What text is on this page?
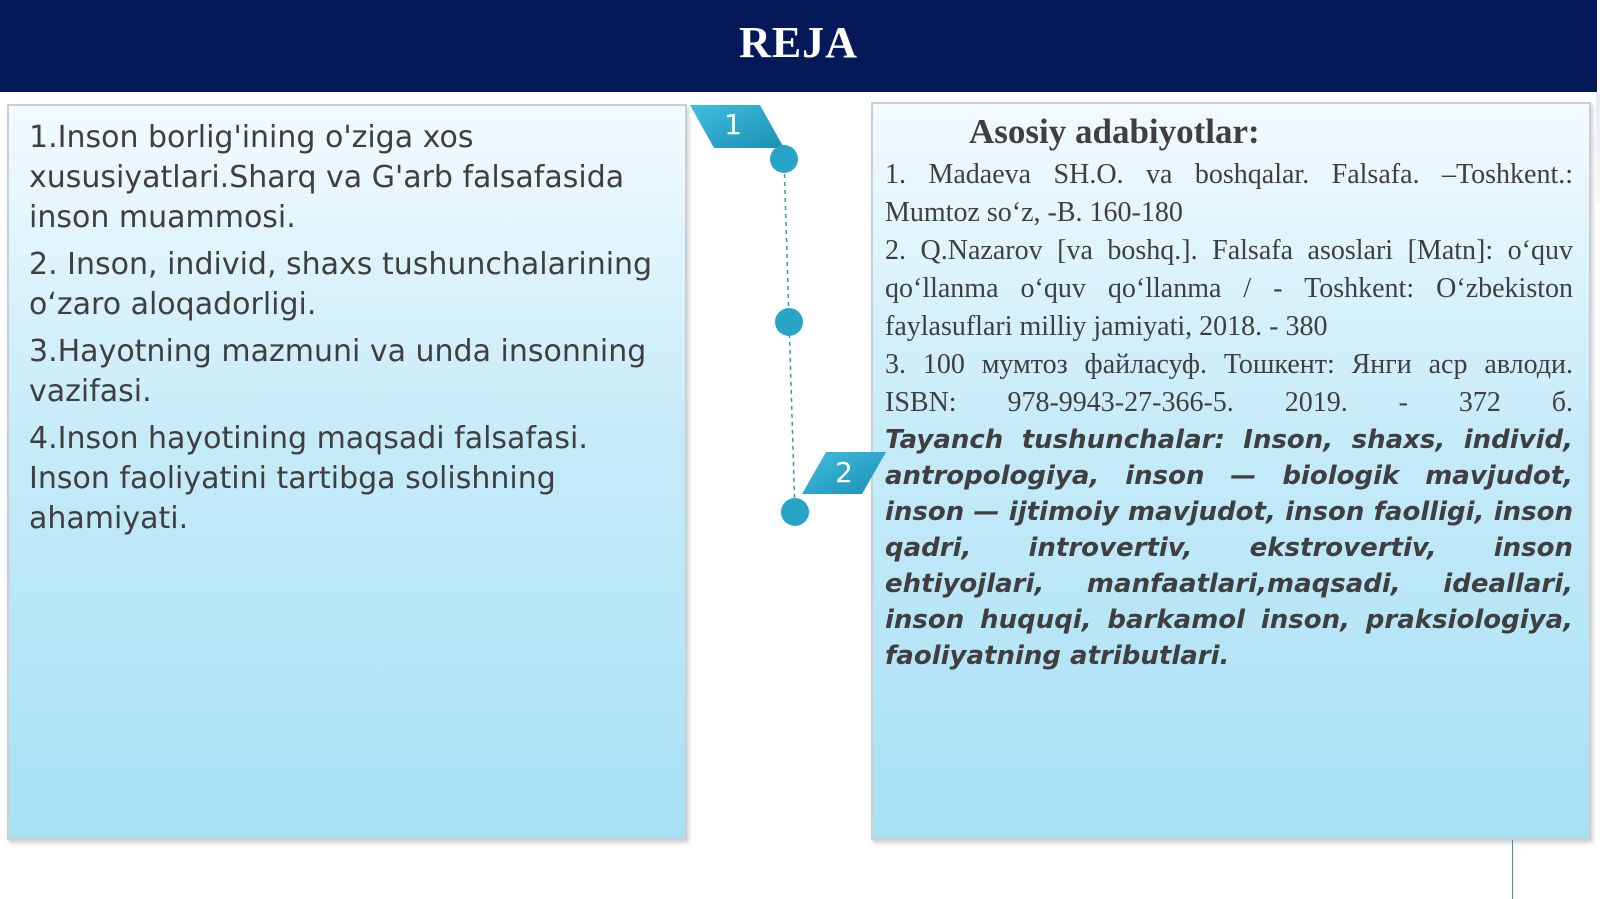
REJA
1.Inson borlig'ining o'ziga xos xususiyatlari.Sharq va G'arb falsafasida inson muammosi.
2. Inson, individ, shaxs tushunchalarining o‘zaro aloqadorligi.
3.Hayotning mazmuni va unda insonning vazifasi.
4.Inson hayotining maqsadi falsafasi. Inson faoliyatini tartibga solishning ahamiyati.
Asosiy adabiyotlar:
1. Madaeva SH.O. va boshqalar. Falsafa. –Toshkent.: Mumtoz so‘z, -B. 160-180
2. Q.Nazarov [va boshq.]. Falsafa asoslari [Matn]: o‘quv qo‘llanma o‘quv qo‘llanma / - Toshkent: O‘zbekiston faylasuflari milliy jamiyati, 2018. - 380
3. 100 мумтоз файласуф. Тошкент: Янги аср авлоди. ISBN: 978-9943-27-366-5. 2019. - 372 б.
Tayanch tushunchalar: Inson, shaxs, individ, antropologiya, inson — biologik mavjudot, inson — ijtimoiy mavjudot, inson faolligi, inson qadri, introvertiv, ekstrovertiv, inson ehtiyojlari, manfaatlari,maqsadi, ideallari, inson huquqi, barkamol inson, praksiologiya, faoliyatning atributlari.
1
2
